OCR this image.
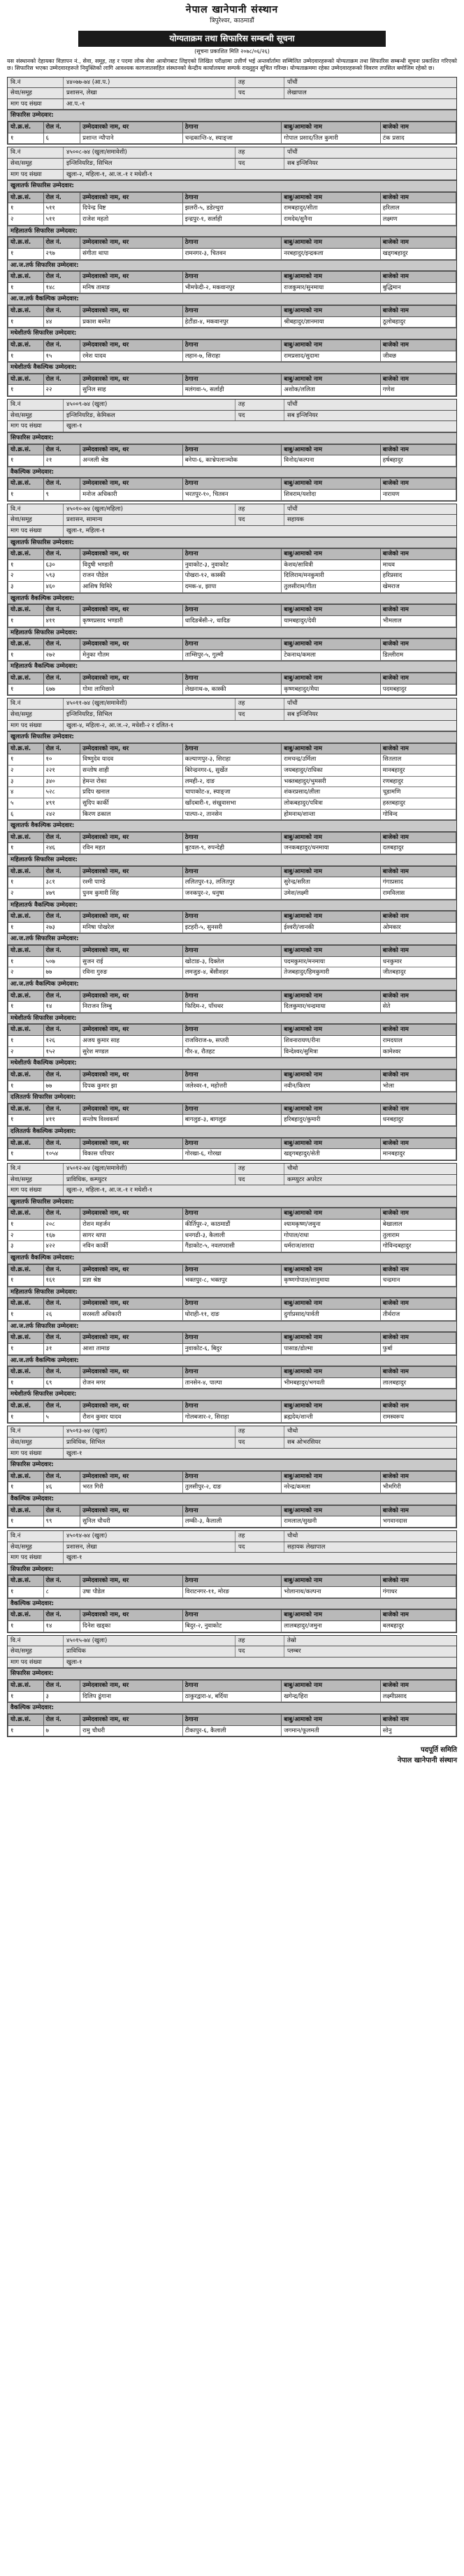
नेपाल खानेपानी संस्थान
त्रिपुरेश्वर, काठमाडौं
योग्यताक्रम तथा सिफारिस सम्बन्धी सूचना
(सूचना प्रकाशित मिति २०७८/०६/२६)
यस संस्थानको देहायका विज्ञापन नं., सेवा, समूह, तह र पदमा लोक सेवा आयोगबाट लिइएको लिखित परीक्षामा उत्तीर्ण भई अन्तर्वार्तामा सम्मिलित उम्मेदवारहरूको योग्यताक्रम तथा सिफारिस सम्बन्धी सूचना प्रकाशित गरिएको छ। सिफारिस भएका उम्मेदवारहरूले नियुक्तिको लागि आवश्यक कागजातसहित संस्थानको केन्द्रीय कार्यालयमा सम्पर्क राख्नुहुन सूचित गरिन्छ। योग्यताक्रममा रहेका उम्मेदवारहरूको विवरण तपसिल बमोजिम रहेको छ।
वि.नं	४४०७७-७४ (आ.प.)	तह	पाँचौं
सेवा/समूह	प्रशासन, लेखा	पद	लेखापाल
माग पद संख्या	आ.प.-१
सिफारिस उम्मेदवार:
यो.क्र.सं.	रोल नं.	उम्मेदवारको नाम, थर	ठेगाना	बाबु/आमाको नाम	बाजेको नाम
१	६	प्रशान्त न्यौपाने	चन्द्रकान्ति-४, स्याङ्जा	गोपाल प्रसाद/तिल कुमारी	टंक प्रसाद
वि.नं	४५००८-७४ (खुला/समावेशी)	तह	पाँचौं
सेवा/समूह	इन्जिनियरिङ, सिभिल	पद	सब इन्जिनियर
माग पद संख्या	खुला-२, महिला-१, आ.ज.-१ र मधेशी-१
खुलातर्फ सिफारिस उम्मेदवार:
यो.क्र.सं.	रोल नं.	उम्मेदवारको नाम, थर	ठेगाना	बाबु/आमाको नाम	बाजेको नाम
१	५११	दिपेन्द्र विष्ट	झलरी-५, डडेल्धुरा	रामबहादुर/सीता	हरिलाल
२	५११	राजेश महतो	इन्द्रपुर-१, सर्लाही	रामदेव/सुनैना	लक्ष्मण
महिलातर्फ सिफारिस उम्मेदवार:
यो.क्र.सं.	रोल नं.	उम्मेदवारको नाम, थर	ठेगाना	बाबु/आमाको नाम	बाजेको नाम
१	२९७	संगीता थापा	रामनगर-३, चितवन	नरबहादुर/इन्द्रकला	खड्गबहादुर
आ.ज.तर्फ सिफारिस उम्मेदवार:
यो.क्र.सं.	रोल नं.	उम्मेदवारको नाम, थर	ठेगाना	बाबु/आमाको नाम	बाजेको नाम
१	१४८	मनिष तामाङ	भीमफेदी-२, मकवानपुर	राजकुमार/सुनमाया	बुद्धिमान
आ.ज.तर्फ वैकल्पिक उम्मेदवार:
यो.क्र.सं.	रोल नं.	उम्मेदवारको नाम, थर	ठेगाना	बाबु/आमाको नाम	बाजेको नाम
१	४४	प्रकाश बस्नेत	हेटौंडा-४, मकवानपुर	श्रीबहादुर/ज्ञानमाया	ठूलोबहादुर
मधेशीतर्फ सिफारिस उम्मेदवार:
यो.क्र.सं.	रोल नं.	उम्मेदवारको नाम, थर	ठेगाना	बाबु/आमाको नाम	बाजेको नाम
१	१५	रमेश यादव	लहान-७, सिराहा	रामप्रसाद/सुदामा	जीवछ
मधेशीतर्फ वैकल्पिक उम्मेदवार:
यो.क्र.सं.	रोल नं.	उम्मेदवारको नाम, थर	ठेगाना	बाबु/आमाको नाम	बाजेको नाम
१	२२	सुनिल साह	मलंगवा-५, सर्लाही	अशोक/ललिता	गणेश
वि.नं	४५००९-७४ (खुला)	तह	पाँचौं
सेवा/समूह	इन्जिनियरिङ, केमिकल	पद	सब इन्जिनियर
माग पद संख्या	खुला-१
सिफारिस उम्मेदवार:
यो.क्र.सं.	रोल नं.	उम्मेदवारको नाम, थर	ठेगाना	बाबु/आमाको नाम	बाजेको नाम
१	२१	अन्जली श्रेष्ठ	बनेपा-६, काभ्रेपलाञ्चोक	विनोद/कल्पना	हर्षबहादुर
वैकल्पिक उम्मेदवार:
यो.क्र.सं.	रोल नं.	उम्मेदवारको नाम, थर	ठेगाना	बाबु/आमाको नाम	बाजेको नाम
१	९	मनोज अधिकारी	भरतपुर-१०, चितवन	शिवराम/यशोदा	नारायण
वि.नं	४५०१०-७४ (खुला/महिला)	तह	पाँचौं
सेवा/समूह	प्रशासन, सामान्य	पद	सहायक
माग पद संख्या	खुला-१, महिला-१
खुलातर्फ सिफारिस उम्मेदवार:
यो.क्र.सं.	रोल नं.	उम्मेदवारको नाम, थर	ठेगाना	बाबु/आमाको नाम	बाजेको नाम
१	६३०	विदुषी भण्डारी	नुवाकोट-३, नुवाकोट	केशव/सावित्री	माधव
२	५९३	राजन पौडेल	पोखरा-१२, कास्की	दिलिराम/मनकुमारी	हरिप्रसाद
३	४६०	आशिष घिमिरे	दमक-४, झापा	तुलसीराम/गीता	खेमराज
खुलातर्फ वैकल्पिक उम्मेदवार:
यो.क्र.सं.	रोल नं.	उम्मेदवारको नाम, थर	ठेगाना	बाबु/आमाको नाम	बाजेको नाम
१	४११	कृष्णप्रसाद भण्डारी	धादिङबेंसी-२, धादिङ	यामबहादुर/देवी	भीमलाल
महिलातर्फ सिफारिस उम्मेदवार:
यो.क्र.सं.	रोल नं.	उम्मेदवारको नाम, थर	ठेगाना	बाबु/आमाको नाम	बाजेको नाम
१	२७२	मेनुका गौतम	ताम्सिपुर-५, गुल्मी	टेकनाथ/कमला	डिल्लीराम
महिलातर्फ वैकल्पिक उम्मेदवार:
यो.क्र.सं.	रोल नं.	उम्मेदवारको नाम, थर	ठेगाना	बाबु/आमाको नाम	बाजेको नाम
१	६७७	गोमा लामिछाने	लेखनाथ-७, कास्की	कृष्णबहादुर/मैया	पदमबहादुर
वि.नं	४५०११-७४ (खुला/समावेशी)	तह	पाँचौं
सेवा/समूह	इन्जिनियरिङ, सिभिल	पद	सब इन्जिनियर
माग पद संख्या	खुला-४, महिला-२, आ.ज.-२, मधेशी-२ र दलित-१
खुलातर्फ सिफारिस उम्मेदवार:
यो.क्र.सं.	रोल नं.	उम्मेदवारको नाम, थर	ठेगाना	बाबु/आमाको नाम	बाजेको नाम
१	१०	विष्णुदेव यादव	कल्याणपुर-३, सिराहा	रामचन्द्र/उर्मिला	सितलाल
२	२२१	सन्तोष शाही	बिरेन्द्रनगर-६, सुर्खेत	जयबहादुर/राधिका	मानबहादुर
३	३४०	हेमन्त रोका	लमही-२, दाङ	भक्तबहादुर/भुमसरी	रणबहादुर
४	५२८	प्रदिप खनाल	चापाकोट-४, स्याङ्जा	शंकरप्रसाद/लीला	चूडामणि
५	४९१	सुदिप कार्की	खाँदबारी-१, संखुवासभा	लोकबहादुर/पवित्रा	हस्तबहादुर
६	२४२	किरण ढकाल	पाल्पा-२, तानसेन	होमनाथ/शान्ता	गोविन्द
खुलातर्फ वैकल्पिक उम्मेदवार:
यो.क्र.सं.	रोल नं.	उम्मेदवारको नाम, थर	ठेगाना	बाबु/आमाको नाम	बाजेको नाम
१	२४६	रविन महत	बुटवल-९, रुपन्देही	जनकबहादुर/धनमाया	दलबहादुर
महिलातर्फ सिफारिस उम्मेदवार:
यो.क्र.सं.	रोल नं.	उम्मेदवारको नाम, थर	ठेगाना	बाबु/आमाको नाम	बाजेको नाम
१	३८१	रश्मी पाण्डे	ललितपुर-१३, ललितपुर	सुरेन्द्र/सरिता	गंगाप्रसाद
२	४७९	पुनम कुमारी सिंह	जनकपुर-२, धनुषा	उमेश/लक्ष्मी	रामविलास
महिलातर्फ वैकल्पिक उम्मेदवार:
यो.क्र.सं.	रोल नं.	उम्मेदवारको नाम, थर	ठेगाना	बाबु/आमाको नाम	बाजेको नाम
१	२७३	मनिषा पोखरेल	इटहरी-५, सुनसरी	ईश्वरी/जानकी	ओमकार
आ.ज.तर्फ सिफारिस उम्मेदवार:
यो.क्र.सं.	रोल नं.	उम्मेदवारको नाम, थर	ठेगाना	बाबु/आमाको नाम	बाजेको नाम
१	५०७	सुजन राई	खोटाङ-३, दिक्तेल	पदमकुमार/मनमाया	धनकुमार
२	७७	रविना गुरुङ	लमजुङ-४, बेंसीशहर	तेजबहादुर/हिमकुमारी	जीतबहादुर
आ.ज.तर्फ वैकल्पिक उम्मेदवार:
यो.क्र.सं.	रोल नं.	उम्मेदवारको नाम, थर	ठेगाना	बाबु/आमाको नाम	बाजेको नाम
१	१४	निराजन लिम्बु	फिदिम-२, पाँचथर	दिलकुमार/चन्द्रमाया	सेते
मधेशीतर्फ सिफारिस उम्मेदवार:
यो.क्र.सं.	रोल नं.	उम्मेदवारको नाम, थर	ठेगाना	बाबु/आमाको नाम	बाजेको नाम
१	१२६	अजय कुमार साह	राजविराज-७, सप्तरी	शिवनारायण/रीना	रामदयाल
२	१५२	सुरेश मण्डल	गौर-४, रौतहट	विन्देश्वर/सुमित्रा	कामेश्वर
मधेशीतर्फ वैकल्पिक उम्मेदवार:
यो.क्र.सं.	रोल नं.	उम्मेदवारको नाम, थर	ठेगाना	बाबु/आमाको नाम	बाजेको नाम
१	७७	दिपक कुमार झा	जलेश्वर-१, महोत्तरी	नवीन/किरण	भोला
दलिततर्फ सिफारिस उम्मेदवार:
यो.क्र.सं.	रोल नं.	उम्मेदवारको नाम, थर	ठेगाना	बाबु/आमाको नाम	बाजेको नाम
१	४११	सन्तोष विश्वकर्मा	बागलुङ-३, बागलुङ	हरिबहादुर/कुमारी	धनबहादुर
दलिततर्फ वैकल्पिक उम्मेदवार:
यो.क्र.सं.	रोल नं.	उम्मेदवारको नाम, थर	ठेगाना	बाबु/आमाको नाम	बाजेको नाम
१	१०५४	विकास परियार	गोरखा-६, गोरखा	खड्गबहादुर/सेती	मानबहादुर
वि.नं	४५०१२-७४ (खुला/समावेशी)	तह	चौथो
सेवा/समूह	प्राविधिक, कम्प्युटर	पद	कम्प्युटर अपरेटर
माग पद संख्या	खुला-२, महिला-१, आ.ज.-१ र मधेशी-१
खुलातर्फ सिफारिस उम्मेदवार:
यो.क्र.सं.	रोल नं.	उम्मेदवारको नाम, थर	ठेगाना	बाबु/आमाको नाम	बाजेको नाम
१	२०८	रोशन महर्जन	कीर्तिपुर-२, काठमाडौं	श्यामकृष्ण/जमुना	बेखालाल
२	१६७	सागर थापा	धनगढी-३, कैलाली	गोपाल/राधा	तुलाराम
३	४२२	नविन कार्की	गैंडाकोट-५, नवलपरासी	धर्मराज/शारदा	गोविन्दबहादुर
खुलातर्फ वैकल्पिक उम्मेदवार:
यो.क्र.सं.	रोल नं.	उम्मेदवारको नाम, थर	ठेगाना	बाबु/आमाको नाम	बाजेको नाम
१	१६१	प्रज्ञा श्रेष्ठ	भक्तपुर-८, भक्तपुर	कृष्णगोपाल/सानुमाया	चन्द्रमान
महिलातर्फ सिफारिस उम्मेदवार:
यो.क्र.सं.	रोल नं.	उम्मेदवारको नाम, थर	ठेगाना	बाबु/आमाको नाम	बाजेको नाम
१	२६	सरस्वती अधिकारी	घोराही-११, दाङ	दुर्गाप्रसाद/पार्वती	तीर्थराज
आ.ज.तर्फ सिफारिस उम्मेदवार:
यो.क्र.सं.	रोल नं.	उम्मेदवारको नाम, थर	ठेगाना	बाबु/आमाको नाम	बाजेको नाम
१	३१	आशा तामाङ	नुवाकोट-६, बिदुर	पासाङ/डोल्मा	फुर्बा
आ.ज.तर्फ वैकल्पिक उम्मेदवार:
यो.क्र.सं.	रोल नं.	उम्मेदवारको नाम, थर	ठेगाना	बाबु/आमाको नाम	बाजेको नाम
१	६९	रोजन मगर	तानसेन-४, पाल्पा	भीमबहादुर/भगवती	लालबहादुर
मधेशीतर्फ सिफारिस उम्मेदवार:
यो.क्र.सं.	रोल नं.	उम्मेदवारको नाम, थर	ठेगाना	बाबु/आमाको नाम	बाजेको नाम
१	५	रौशन कुमार यादव	गोलबजार-२, सिराहा	ब्रह्मदेव/शान्ती	रामस्वरूप
वि.नं	४५०१३-७४ (खुला)	तह	चौथो
सेवा/समूह	प्राविधिक, सिभिल	पद	सब ओभरसियर
माग पद संख्या	खुला-१
सिफारिस उम्मेदवार:
यो.क्र.सं.	रोल नं.	उम्मेदवारको नाम, थर	ठेगाना	बाबु/आमाको नाम	बाजेको नाम
१	४६	भरत गिरी	तुलसीपुर-२, दाङ	नरेन्द्र/कमला	भीमगिरी
वैकल्पिक उम्मेदवार:
यो.क्र.सं.	रोल नं.	उम्मेदवारको नाम, थर	ठेगाना	बाबु/आमाको नाम	बाजेको नाम
१	९९	सुनिल चौधरी	लम्की-३, कैलाली	रामलाल/सुखनी	भगवानदास
वि.नं	४५०१४-७४ (खुला)	तह	चौथो
सेवा/समूह	प्रशासन, लेखा	पद	सहायक लेखापाल
माग पद संख्या	खुला-१
सिफारिस उम्मेदवार:
यो.क्र.सं.	रोल नं.	उम्मेदवारको नाम, थर	ठेगाना	बाबु/आमाको नाम	बाजेको नाम
१	८	उषा पौडेल	विराटनगर-११, मोरङ	भोलानाथ/कल्पना	गंगाधर
वैकल्पिक उम्मेदवार:
यो.क्र.सं.	रोल नं.	उम्मेदवारको नाम, थर	ठेगाना	बाबु/आमाको नाम	बाजेको नाम
१	१४	दिनेश खड्का	बिदुर-२, नुवाकोट	लालबहादुर/जमुना	बलबहादुर
वि.नं	४५०१५-७४ (खुला)	तह	तेस्रो
सेवा/समूह	प्राविधिक	पद	प्लम्बर
माग पद संख्या	खुला-१
सिफारिस उम्मेदवार:
यो.क्र.सं.	रोल नं.	उम्मेदवारको नाम, थर	ठेगाना	बाबु/आमाको नाम	बाजेको नाम
१	३	दिलिप ढुंगाना	ठाकुरद्वारा-४, बर्दिया	खगेन्द्र/हिरा	लक्ष्मीप्रसाद
वैकल्पिक उम्मेदवार:
यो.क्र.सं.	रोल नं.	उम्मेदवारको नाम, थर	ठेगाना	बाबु/आमाको नाम	बाजेको नाम
१	७	रामु चौधरी	टीकापुर-६, कैलाली	जगमान/फूलमती	सोनु
पदपूर्ति समिति
नेपाल खानेपानी संस्थान
